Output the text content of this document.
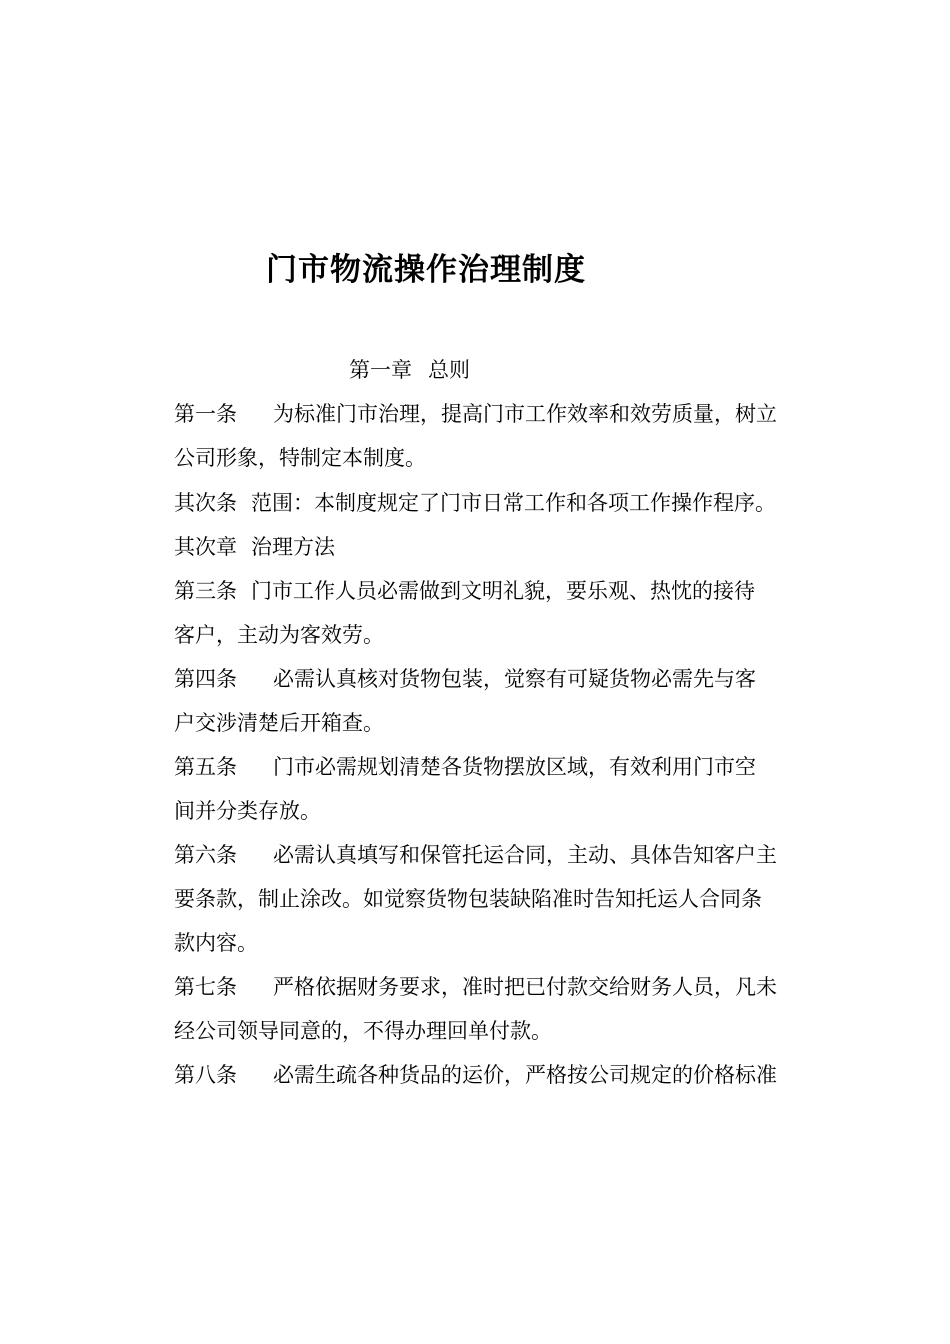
门市物流操作治理制度
第一章 总则
第一条 为标准门市治理，提高门市工作效率和效劳质量，树立
公司形象，特制定本制度。
其次条 范围：本制度规定了门市日常工作和各项工作操作程序。
其次章 治理方法
第三条 门市工作人员必需做到文明礼貌，要乐观、热忱的接待
客户，主动为客效劳。
第四条 必需认真核对货物包装，觉察有可疑货物必需先与客
户交涉清楚后开箱查。
第五条 门市必需规划清楚各货物摆放区域，有效利用门市空
间并分类存放。
第六条 必需认真填写和保管托运合同，主动、具体告知客户主
要条款，制止涂改。如觉察货物包装缺陷准时告知托运人合同条
款内容。
第七条 严格依据财务要求，准时把已付款交给财务人员，凡未
经公司领导同意的，不得办理回单付款。
第八条 必需生疏各种货品的运价，严格按公司规定的价格标准
